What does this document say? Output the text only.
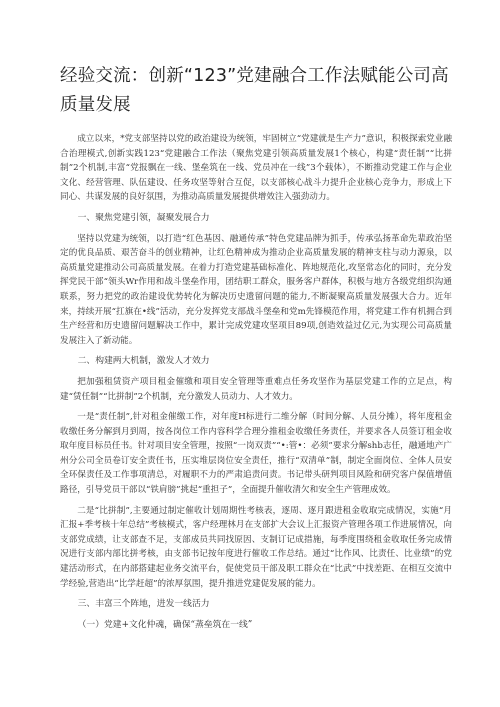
经验交流：创新“123”党建融合工作法赋能公司高质量发展

成立以来，*党支部坚持以党的政治建设为统领，牢固树立“党建就是生产力”意识，积极探索党业融合治理模式,创新实践123“党建融合工作法（聚焦党建引领高质量发展1个核心，构建“责任制”“比拼制”2个机制,丰富“党报飘在一线、堡垒筑在一线、党员冲在一线”3个载体），不断推动党建工作与企业文化、经营管理、队伍建设、任务攻坚等射合互促，以支部核心战斗力提升企业核心竞争力，形成上下同心、共谋发展的良好氛围，为推动高质量发展提供增效注入强劲动力。

一、聚焦党建引领，凝聚发展合力

坚持以党建为统领，以打造“红色基因、融通传承”特色党建品牌为抓手，传承弘扬革命先辈政治坚定的优良品质、艰苦奋斗的创业精神，让红色精神成为推动企业高质量发展的精神支柱与动力源泉，以高质量党建推动公司高质量发展。在着力打造党建基础标准化、阵地规范化,攻坚常态化的同时，充分发挥党民干部“领头Wr作用和战斗堡垒作用，团结职工群众，服务客户群体，积极与地方各级党组织沟通联系，努力把党的政治建设优势转化为解决历史遗留问题的能力,不断凝聚高质量发展强大合力。近年来，持续开展“扛旗在•线”活动，充分发挥党支部战斗堡垒和党m先锋模范作用，将党建工作有机拥合到生产经营和历史遗留问题解决工作中，累计完成党建攻坚项目89项,创造效益过亿元,为实现公司高质量发展注入了新动能。

二、构建两大机制，激发人才效力

把加强租赁资产项目租金催缴和项目安全管理等重难点任务攻坚作为基层党建工作的立足点，构建“赁任制”“比拼制”2个机制，充分激发人员动力、人才效力。

一是“责任制”,针对租金催缴工作，对年度H标进行二维分解（时间分解、人员分摊），将年度租金收缴任务分解到月到周，按各岗位工作内容科学合理分推租金收缴任务责任，并要求各人员签订租金收取年度目标员任书。针对项目安全管理，按照“一岗双责”“•:管•：必须”要求分解shb志任，融通地产广州分公司全员卷订安全责任书，压实堆层岗位安全责任，推行“双清单”制，制定全面岗位、全体人员安全环保责任及工作事项清总，对履职不力的严肃追责问责。书记带头研判项目风险和研究客户保值增值路径，引导党员干部以“铁肩膀”挑起“重担子”，全面提升催收清欠和安全生产管理成效。

二是“比拼制”,主要通过制定催收计划周期性考核表，逐周、逐月跟进租金收取完成情况，实施“月汇报+季考核十年总结”考核模式，客户经理林月在支部扩大会议上汇报资产管理各项工作进展情况，向支部党成绩，让支部查不足，支部成员共同找原因、支制订记成措施，每季度围绕租金收取任务完成情况进行支部内部比拼考核，由支部书记按年度进行催收工作总结。通过“比作风、比责任、比业绩”的党建活动形式，在内部搭建起业务交流平台，促使党员干部及职工群众在“比武”中找差距、在相互交流中学经验,营造出“比学赶超”的浓厚氛围，提升推进党建促发展的能力。

三、丰富三个阵地，进发一线活力

（一）党建+文化仲魂，确保“蒸垒筑在一线”
